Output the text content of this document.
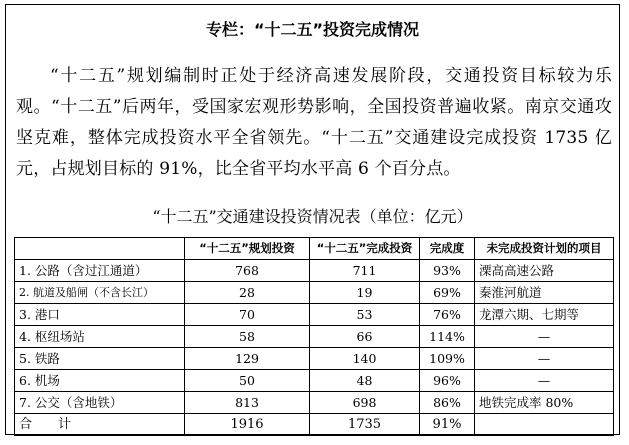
专栏：“十二五”投资完成情况

“十二五”规划编制时正处于经济高速发展阶段，交通投资目标较为乐观。“十二五”后两年，受国家宏观形势影响，全国投资普遍收紧。南京交通攻坚克难，整体完成投资水平全省领先。“十二五”交通建设完成投资 1735 亿元，占规划目标的 91%，比全省平均水平高 6 个百分点。

“十二五”交通建设投资情况表（单位：亿元）
	“十二五”规划投资	“十二五”完成投资	完成度	未完成投资计划的项目
1. 公路（含过江通道）	768	711	93%	溧高高速公路
2. 航道及船闸（不含长江）	28	19	69%	秦淮河航道
3. 港口	70	53	76%	龙潭六期、七期等
4. 枢纽场站	58	66	114%	—
5. 铁路	129	140	109%	—
6. 机场	50	48	96%	—
7. 公交（含地铁）	813	698	86%	地铁完成率 80%
合　　计	1916	1735	91%	
